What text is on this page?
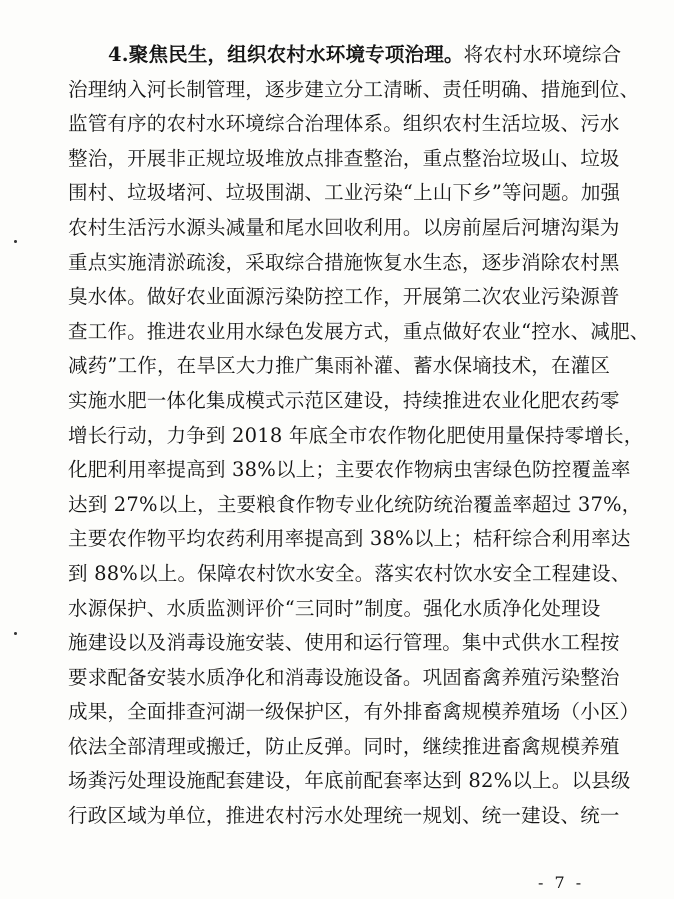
4.聚焦民生，组织农村水环境专项治理。将农村水环境综合
治理纳入河长制管理，逐步建立分工清晰、责任明确、措施到位、
监管有序的农村水环境综合治理体系。组织农村生活垃圾、污水
整治，开展非正规垃圾堆放点排查整治，重点整治垃圾山、垃圾
围村、垃圾堵河、垃圾围湖、工业污染“上山下乡”等问题。加强
农村生活污水源头减量和尾水回收利用。以房前屋后河塘沟渠为
重点实施清淤疏浚，采取综合措施恢复水生态，逐步消除农村黑
臭水体。做好农业面源污染防控工作，开展第二次农业污染源普
查工作。推进农业用水绿色发展方式，重点做好农业“控水、减肥、
减药”工作，在旱区大力推广集雨补灌、蓄水保墒技术，在灌区
实施水肥一体化集成模式示范区建设，持续推进农业化肥农药零
增长行动，力争到 2018 年底全市农作物化肥使用量保持零增长，
化肥利用率提高到 38%以上；主要农作物病虫害绿色防控覆盖率
达到 27%以上，主要粮食作物专业化统防统治覆盖率超过 37%，
主要农作物平均农药利用率提高到 38%以上；桔秆综合利用率达
到 88%以上。保障农村饮水安全。落实农村饮水安全工程建设、
水源保护、水质监测评价“三同时”制度。强化水质净化处理设
施建设以及消毒设施安装、使用和运行管理。集中式供水工程按
要求配备安装水质净化和消毒设施设备。巩固畜禽养殖污染整治
成果，全面排查河湖一级保护区，有外排畜禽规模养殖场（小区）
依法全部清理或搬迁，防止反弹。同时，继续推进畜禽规模养殖
场粪污处理设施配套建设，年底前配套率达到 82%以上。以县级
行政区域为单位，推进农村污水处理统一规划、统一建设、统一
- 7 -
